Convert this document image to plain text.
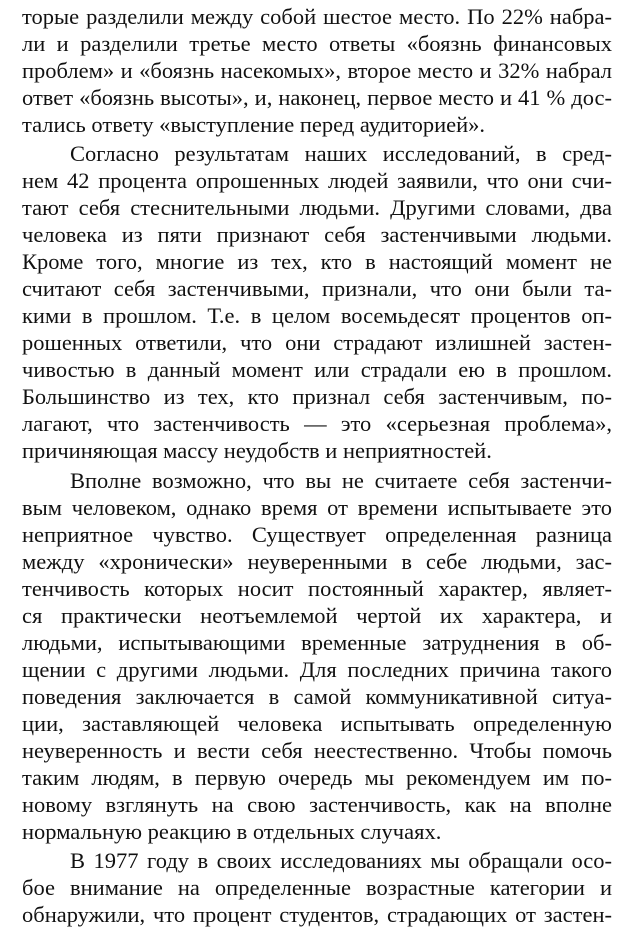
торые разделили между собой шестое место. По 22% набра-
ли и разделили третье место ответы «боязнь финансовых
проблем» и «боязнь насекомых», второе место и 32% набрал
ответ «боязнь высоты», и, наконец, первое место и 41 % дос-
тались ответу «выступление перед аудиторией».
Согласно результатам наших исследований, в сред-
нем 42 процента опрошенных людей заявили, что они счи-
тают себя стеснительными людьми. Другими словами, два
человека из пяти признают себя застенчивыми людьми.
Кроме того, многие из тех, кто в настоящий момент не
считают себя застенчивыми, признали, что они были та-
кими в прошлом. Т.е. в целом восемьдесят процентов оп-
рошенных ответили, что они страдают излишней застен-
чивостью в данный момент или страдали ею в прошлом.
Большинство из тех, кто признал себя застенчивым, по-
лагают, что застенчивость — это «серьезная проблема»,
причиняющая массу неудобств и неприятностей.
Вполне возможно, что вы не считаете себя застенчи-
вым человеком, однако время от времени испытываете это
неприятное чувство. Существует определенная разница
между «хронически» неуверенными в себе людьми, зас-
тенчивость которых носит постоянный характер, являет-
ся практически неотъемлемой чертой их характера, и
людьми, испытывающими временные затруднения в об-
щении с другими людьми. Для последних причина такого
поведения заключается в самой коммуникативной ситуа-
ции, заставляющей человека испытывать определенную
неуверенность и вести себя неестественно. Чтобы помочь
таким людям, в первую очередь мы рекомендуем им по-
новому взглянуть на свою застенчивость, как на вполне
нормальную реакцию в отдельных случаях.
В 1977 году в своих исследованиях мы обращали осо-
бое внимание на определенные возрастные категории и
обнаружили, что процент студентов, страдающих от застен-
